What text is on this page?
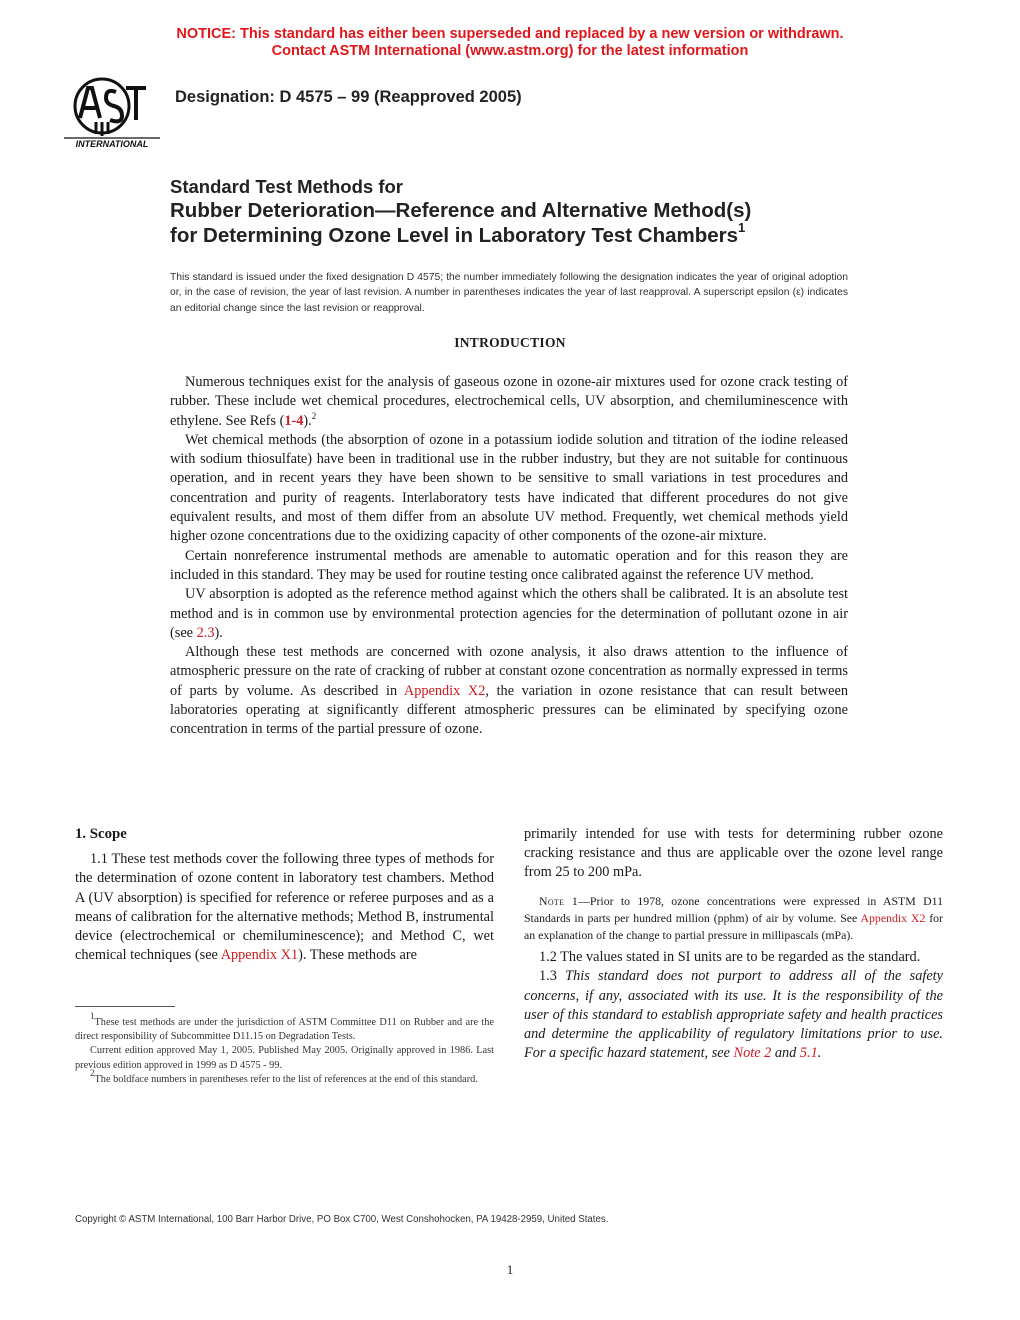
NOTICE: This standard has either been superseded and replaced by a new version or withdrawn.
Contact ASTM International (www.astm.org) for the latest information
INTERNATIONAL
Designation: D 4575 – 99 (Reapproved 2005)
Standard Test Methods for
Rubber Deterioration—Reference and Alternative Method(s)
for Determining Ozone Level in Laboratory Test Chambers$^1$
This standard is issued under the fixed designation D 4575; the number immediately following the designation indicates the year of original adoption or, in the case of revision, the year of last revision. A number in parentheses indicates the year of last reapproval. A superscript epsilon (ε) indicates an editorial change since the last revision or reapproval.
INTRODUCTION

Numerous techniques exist for the analysis of gaseous ozone in ozone-air mixtures used for ozone crack testing of rubber. These include wet chemical procedures, electrochemical cells, UV absorption, and chemiluminescence with ethylene. See Refs (1-4).$^2$

Wet chemical methods (the absorption of ozone in a potassium iodide solution and titration of the iodine released with sodium thiosulfate) have been in traditional use in the rubber industry, but they are not suitable for continuous operation, and in recent years they have been shown to be sensitive to small variations in test procedures and concentration and purity of reagents. Interlaboratory tests have indicated that different procedures do not give equivalent results, and most of them differ from an absolute UV method. Frequently, wet chemical methods yield higher ozone concentrations due to the oxidizing capacity of other components of the ozone-air mixture.

Certain nonreference instrumental methods are amenable to automatic operation and for this reason they are included in this standard. They may be used for routine testing once calibrated against the reference UV method.

UV absorption is adopted as the reference method against which the others shall be calibrated. It is an absolute test method and is in common use by environmental protection agencies for the determination of pollutant ozone in air (see 2.3).

Although these test methods are concerned with ozone analysis, it also draws attention to the influence of atmospheric pressure on the rate of cracking of rubber at constant ozone concentration as normally expressed in terms of parts by volume. As described in Appendix X2, the variation in ozone resistance that can result between laboratories operating at significantly different atmospheric pressures can be eliminated by specifying ozone concentration in terms of the partial pressure of ozone.

1. Scope

1.1 These test methods cover the following three types of methods for the determination of ozone content in laboratory test chambers. Method A (UV absorption) is specified for reference or referee purposes and as a means of calibration for the alternative methods; Method B, instrumental device (electrochemical or chemiluminescence); and Method C, wet chemical techniques (see Appendix X1). These methods are

$^1$These test methods are under the jurisdiction of ASTM Committee D11 on Rubber and are the direct responsibility of Subcommittee D11.15 on Degradation Tests.

Current edition approved May 1, 2005. Published May 2005. Originally approved in 1986. Last previous edition approved in 1999 as D 4575 - 99.

$^2$The boldface numbers in parentheses refer to the list of references at the end of this standard.

primarily intended for use with tests for determining rubber ozone cracking resistance and thus are applicable over the ozone level range from 25 to 200 mPa.

Note 1—Prior to 1978, ozone concentrations were expressed in ASTM D11 Standards in parts per hundred million (pphm) of air by volume. See Appendix X2 for an explanation of the change to partial pressure in millipascals (mPa).

1.2 The values stated in SI units are to be regarded as the standard.

1.3 This standard does not purport to address all of the safety concerns, if any, associated with its use. It is the responsibility of the user of this standard to establish appropriate safety and health practices and determine the applicability of regulatory limitations prior to use. For a specific hazard statement, see Note 2 and 5.1.

Copyright © ASTM International, 100 Barr Harbor Drive, PO Box C700, West Conshohocken, PA 19428-2959, United States.
1
